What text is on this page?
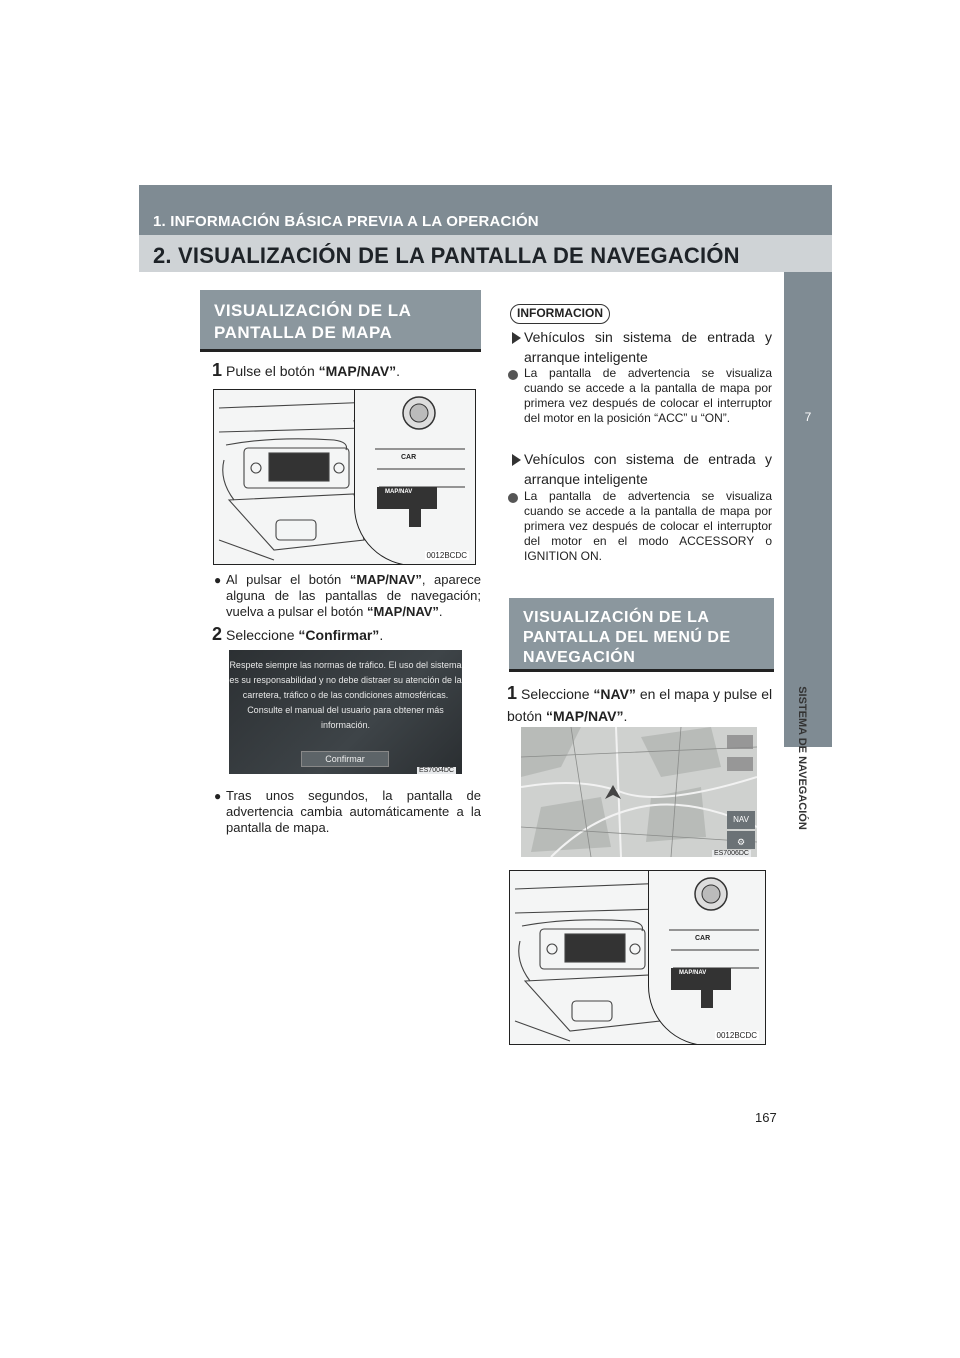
1. INFORMACIÓN BÁSICA PREVIA A LA OPERACIÓN
2. VISUALIZACIÓN DE LA PANTALLA DE NAVEGACIÓN
7
SISTEMA DE NAVEGACIÓN
VISUALIZACIÓN DE LA
PANTALLA DE MAPA
1 Pulse el botón “MAP/NAV”.
CAR
MAP/NAV
0012BCDC
● Al pulsar el botón “MAP/NAV”, aparece alguna de las pantallas de navegación; vuelva a pulsar el botón “MAP/NAV”.
2 Seleccione “Confirmar”.
Respete siempre las normas de tráfico. El uso del sistema
es su responsabilidad y no debe distraer su atención de la
carretera, tráfico o de las condiciones atmosféricas.
Consulte el manual del usuario para obtener más
información.
Confirmar
ES7004DC
● Tras unos segundos, la pantalla de advertencia cambia automáticamente a la pantalla de mapa.
INFORMACION
Vehículos sin sistema de entrada y arranque inteligente
La pantalla de advertencia se visualiza cuando se accede a la pantalla de mapa por primera vez después de colocar el interruptor del motor en la posición “ACC” u “ON”.
Vehículos con sistema de entrada y arranque inteligente
La pantalla de advertencia se visualiza cuando se accede a la pantalla de mapa por primera vez después de colocar el interruptor del motor en el modo ACCESSORY o IGNITION ON.
VISUALIZACIÓN DE LA
PANTALLA DEL MENÚ DE
NAVEGACIÓN
1 Seleccione “NAV” en el mapa y pulse el botón “MAP/NAV”.
⚙
NAV
ES7006DC
CAR
MAP/NAV
0012BCDC
167
